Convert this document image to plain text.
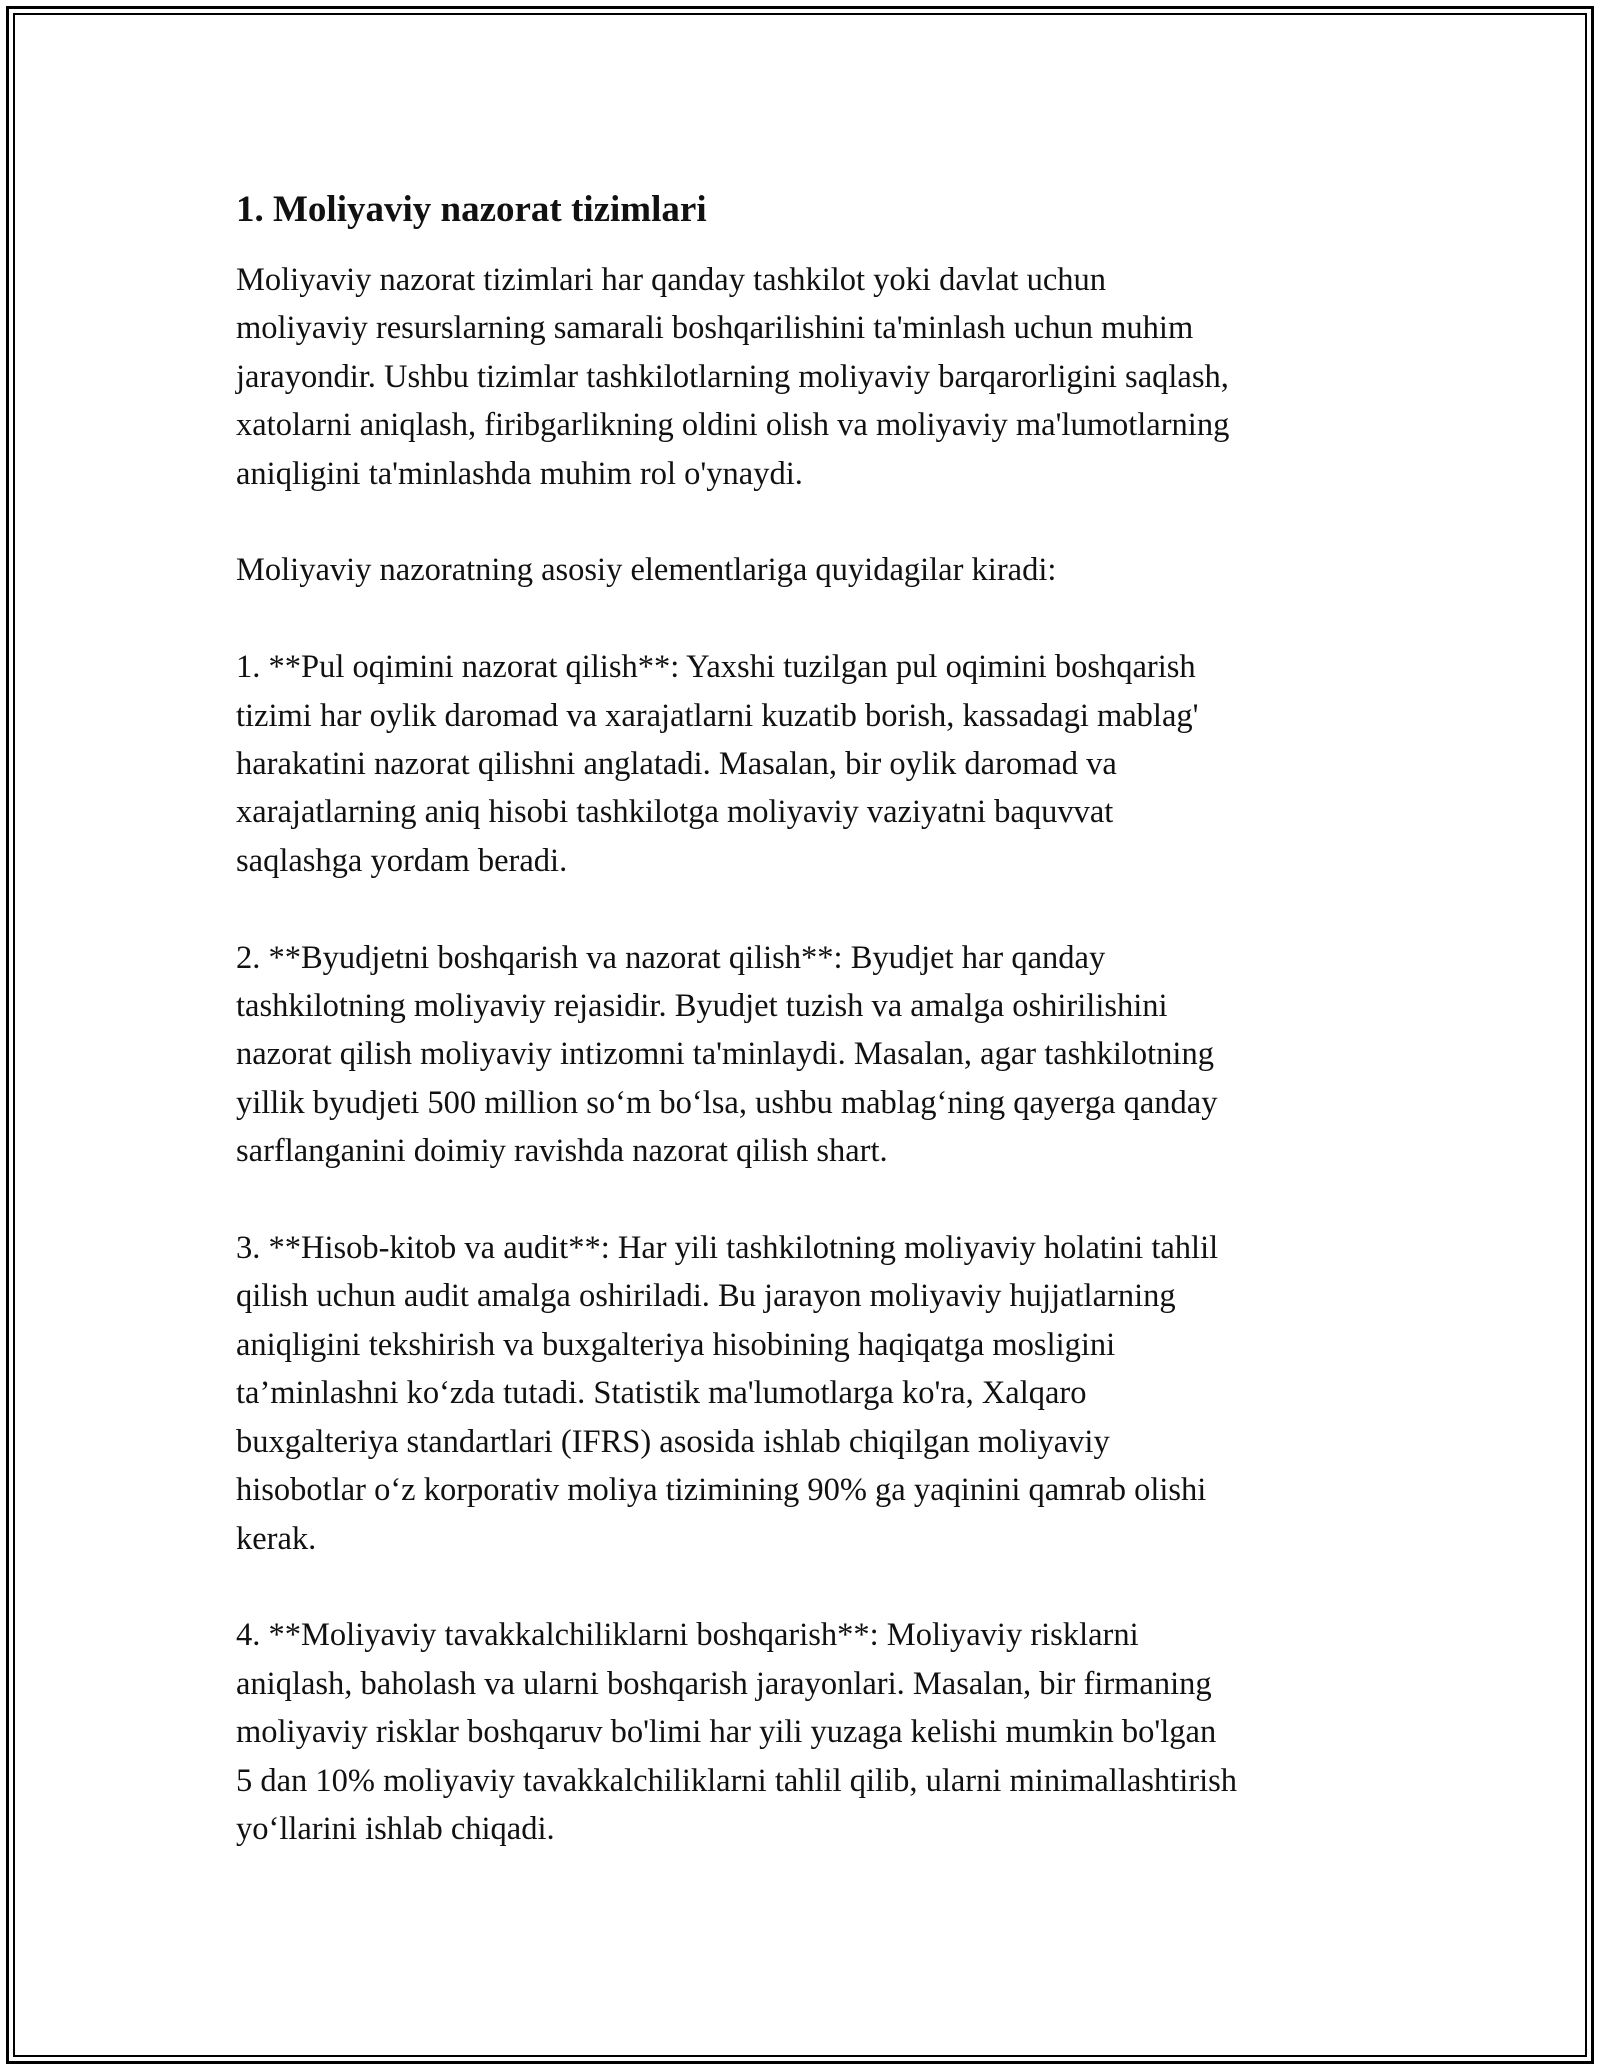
1. Moliyaviy nazorat tizimlari

Moliyaviy nazorat tizimlari har qanday tashkilot yoki davlat uchun
moliyaviy resurslarning samarali boshqarilishini ta'minlash uchun muhim
jarayondir. Ushbu tizimlar tashkilotlarning moliyaviy barqarorligini saqlash,
xatolarni aniqlash, firibgarlikning oldini olish va moliyaviy ma'lumotlarning
aniqligini ta'minlashda muhim rol o'ynaydi.

Moliyaviy nazoratning asosiy elementlariga quyidagilar kiradi:

1. **Pul oqimini nazorat qilish**: Yaxshi tuzilgan pul oqimini boshqarish
tizimi har oylik daromad va xarajatlarni kuzatib borish, kassadagi mablag'
harakatini nazorat qilishni anglatadi. Masalan, bir oylik daromad va
xarajatlarning aniq hisobi tashkilotga moliyaviy vaziyatni baquvvat
saqlashga yordam beradi.

2. **Byudjetni boshqarish va nazorat qilish**: Byudjet har qanday
tashkilotning moliyaviy rejasidir. Byudjet tuzish va amalga oshirilishini
nazorat qilish moliyaviy intizomni ta'minlaydi. Masalan, agar tashkilotning
yillik byudjeti 500 million so‘m bo‘lsa, ushbu mablag‘ning qayerga qanday
sarflanganini doimiy ravishda nazorat qilish shart.

3. **Hisob-kitob va audit**: Har yili tashkilotning moliyaviy holatini tahlil
qilish uchun audit amalga oshiriladi. Bu jarayon moliyaviy hujjatlarning
aniqligini tekshirish va buxgalteriya hisobining haqiqatga mosligini
ta’minlashni ko‘zda tutadi. Statistik ma'lumotlarga ko'ra, Xalqaro
buxgalteriya standartlari (IFRS) asosida ishlab chiqilgan moliyaviy
hisobotlar o‘z korporativ moliya tizimining 90% ga yaqinini qamrab olishi
kerak.

4. **Moliyaviy tavakkalchiliklarni boshqarish**: Moliyaviy risklarni
aniqlash, baholash va ularni boshqarish jarayonlari. Masalan, bir firmaning
moliyaviy risklar boshqaruv bo'limi har yili yuzaga kelishi mumkin bo'lgan
5 dan 10% moliyaviy tavakkalchiliklarni tahlil qilib, ularni minimallashtirish
yo‘llarini ishlab chiqadi.
